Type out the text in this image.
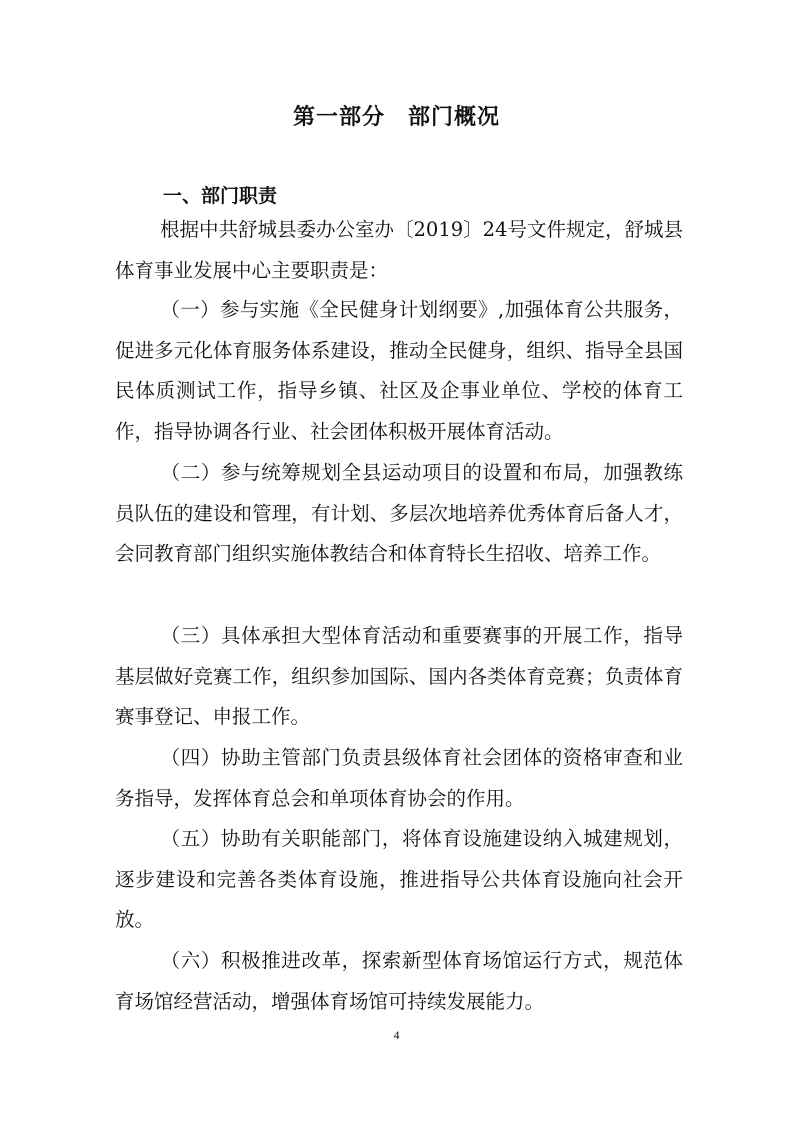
第一部分　部门概况
一、部门职责

根据中共舒城县委办公室办〔2019〕24号文件规定，舒城县体育事业发展中心主要职责是：

（一）参与实施《全民健身计划纲要》,加强体育公共服务，促进多元化体育服务体系建设，推动全民健身，组织、指导全县国民体质测试工作，指导乡镇、社区及企事业单位、学校的体育工作，指导协调各行业、社会团体积极开展体育活动。

（二）参与统筹规划全县运动项目的设置和布局，加强教练员队伍的建设和管理，有计划、多层次地培养优秀体育后备人才，会同教育部门组织实施体教结合和体育特长生招收、培养工作。

（三）具体承担大型体育活动和重要赛事的开展工作，指导基层做好竞赛工作，组织参加国际、国内各类体育竞赛；负责体育赛事登记、申报工作。

（四）协助主管部门负责县级体育社会团体的资格审查和业务指导，发挥体育总会和单项体育协会的作用。

（五）协助有关职能部门，将体育设施建设纳入城建规划，逐步建设和完善各类体育设施，推进指导公共体育设施向社会开放。

（六）积极推进改革，探索新型体育场馆运行方式，规范体育场馆经营活动，增强体育场馆可持续发展能力。

4
